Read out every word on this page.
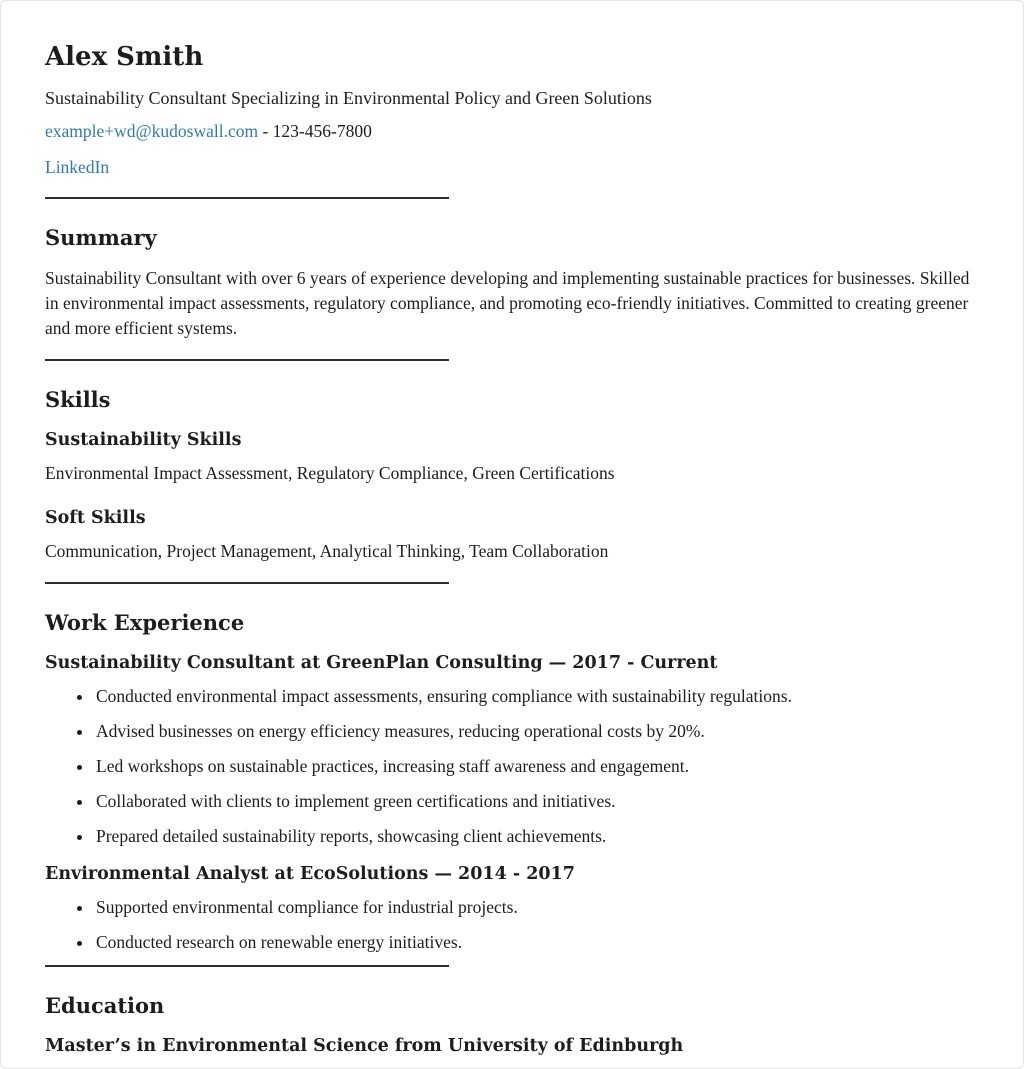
Alex Smith

Sustainability Consultant Specializing in Environmental Policy and Green Solutions

example+wd@kudoswall.com - 123-456-7800

LinkedIn

Summary

Sustainability Consultant with over 6 years of experience developing and implementing sustainable practices for businesses. Skilled in environmental impact assessments, regulatory compliance, and promoting eco-friendly initiatives. Committed to creating greener and more efficient systems.

Skills
Sustainability Skills

Environmental Impact Assessment, Regulatory Compliance, Green Certifications

Soft Skills

Communication, Project Management, Analytical Thinking, Team Collaboration

Work Experience
Sustainability Consultant at GreenPlan Consulting — 2017 - Current
• Conducted environmental impact assessments, ensuring compliance with sustainability regulations.
• Advised businesses on energy efficiency measures, reducing operational costs by 20%.
• Led workshops on sustainable practices, increasing staff awareness and engagement.
• Collaborated with clients to implement green certifications and initiatives.
• Prepared detailed sustainability reports, showcasing client achievements.
Environmental Analyst at EcoSolutions — 2014 - 2017
• Supported environmental compliance for industrial projects.
• Conducted research on renewable energy initiatives.
Education
Master’s in Environmental Science from University of Edinburgh
